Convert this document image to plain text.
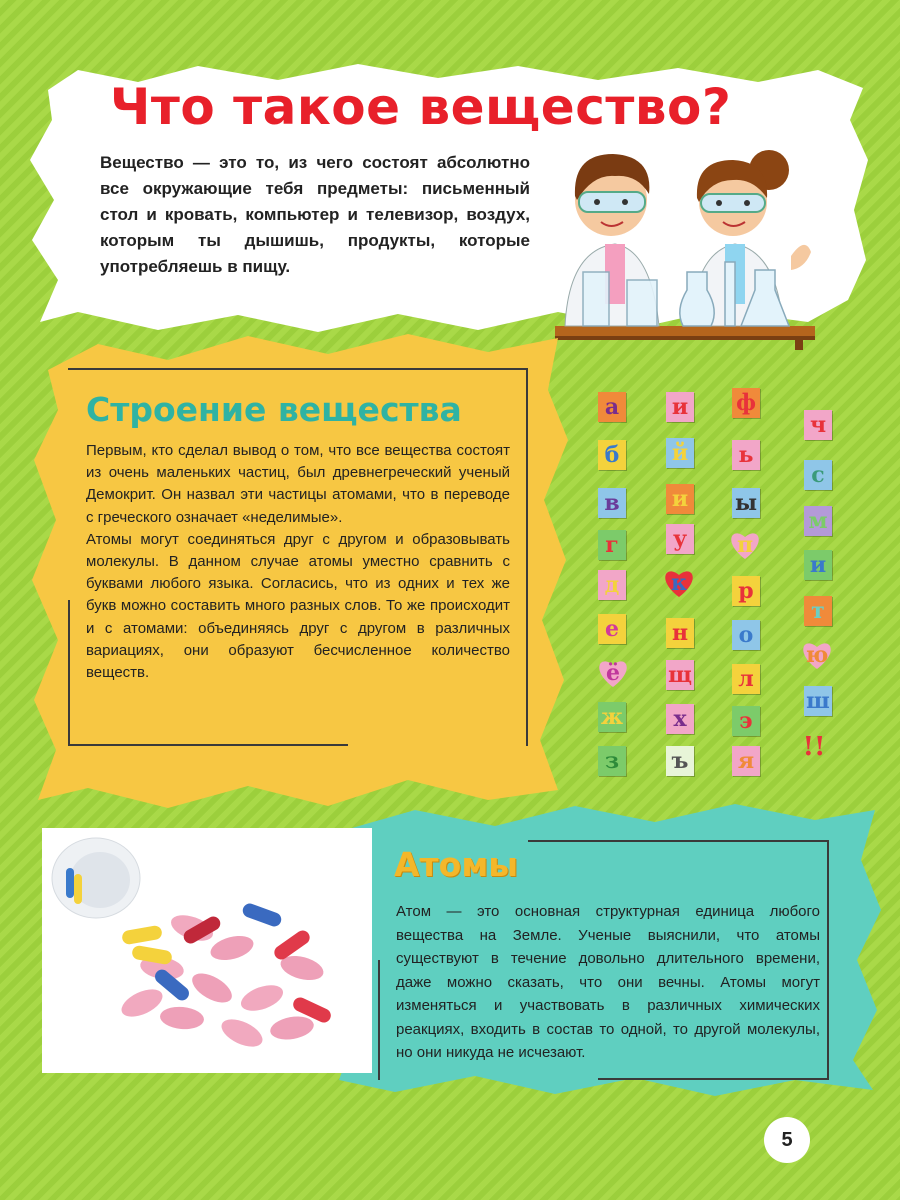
Что такое вещество?

Вещество — это то, из чего состоят абсолютно все окружающие тебя предметы: письменный стол и кровать, компьютер и телевизор, воздух, которым ты дышишь, продукты, которые употребляешь в пищу.

Строение вещества

Первым, кто сделал вывод о том, что все вещества состоят из очень маленьких частиц, был древнегреческий ученый Демокрит. Он назвал эти частицы атомами, что в переводе с греческого означает «неделимые».

Атомы могут соединяться друг с другом и образовывать молекулы. В данном случае атомы уместно сравнить с буквами любого языка. Согласись, что из одних и тех же букв можно составить много разных слов. То же происходит и с атомами: объединяясь друг с другом в различных вариациях, они образуют бесчисленное количество веществ.

а
б
в
г
д
е
ё
ж
з
и
й
и
у
к
н
щ
х
ъ
ф
ь
ы
п
р
о
л
э
я
ч
с
м
и
т
ю
ш
!!
Атомы

Атом — это основная структурная единица любого вещества на Земле. Ученые выяснили, что атомы существуют в течение довольно длительного времени, даже можно сказать, что они вечны. Атомы могут изменяться и участвовать в различных химических реакциях, входить в состав то одной, то другой молекулы, но они никуда не исчезают.

5
